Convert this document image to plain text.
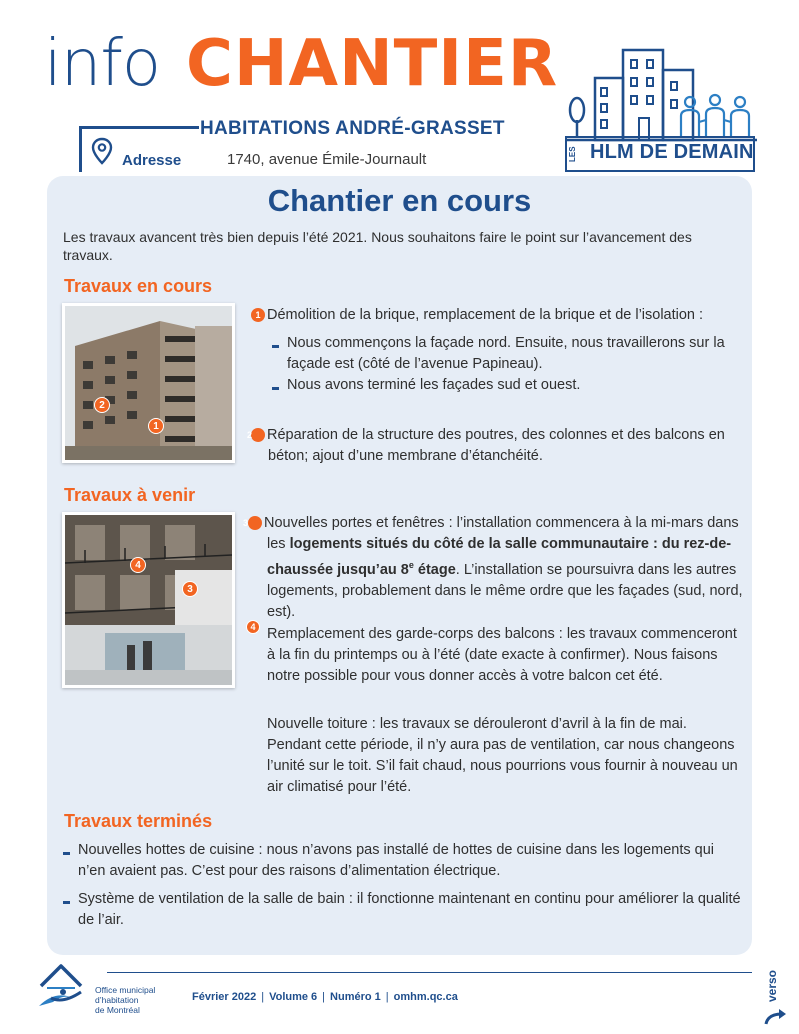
info CHANTIER
HABITATIONS ANDRÉ-GRASSET
Adresse	1740, avenue Émile-Journault	LES HLM DE DEMAIN
Chantier en cours

Les travaux avancent très bien depuis l’été 2021. Nous souhaitons faire le point sur l’avancement des travaux.

Travaux en cours
2
1
1 Démolition de la brique, remplacement de la brique et de l’isolation :
Nous commençons la façade nord. Ensuite, nous travaillerons sur la façade est (côté de l’avenue Papineau).
Nous avons terminé les façades sud et ouest.
2 Réparation de la structure des poutres, des colonnes et des balcons en béton; ajout d’une membrane d’étanchéité.
Travaux à venir
4
3
3 Nouvelles portes et fenêtres : l’installation commencera à la mi-mars dans les logements situés du côté de la salle communautaire : du rez-de-chaussée jusqu’au 8e étage. L’installation se poursuivra dans les autres logements, probablement dans le même ordre que les façades (sud, nord, est).
4 Remplacement des garde-corps des balcons : les travaux commenceront à la fin du printemps ou à l’été (date exacte à confirmer). Nous faisons notre possible pour vous donner accès à votre balcon cet été.
Nouvelle toiture : les travaux se dérouleront d’avril à la fin de mai. Pendant cette période, il n’y aura pas de ventilation, car nous changeons l’unité sur le toit. S’il fait chaud, nous pourrions vous fournir à nouveau un air climatisé pour l’été.
Travaux terminés
Nouvelles hottes de cuisine : nous n’avons pas installé de hottes de cuisine dans les logements qui n’en avaient pas. C’est pour des raisons d’alimentation électrique.
Système de ventilation de la salle de bain : il fonctionne maintenant en continu pour améliorer la qualité de l’air.
Office municipal
d’habitation
de Montréal
Février 2022 | Volume 6 | Numéro 1 | omhm.qc.ca	verso
